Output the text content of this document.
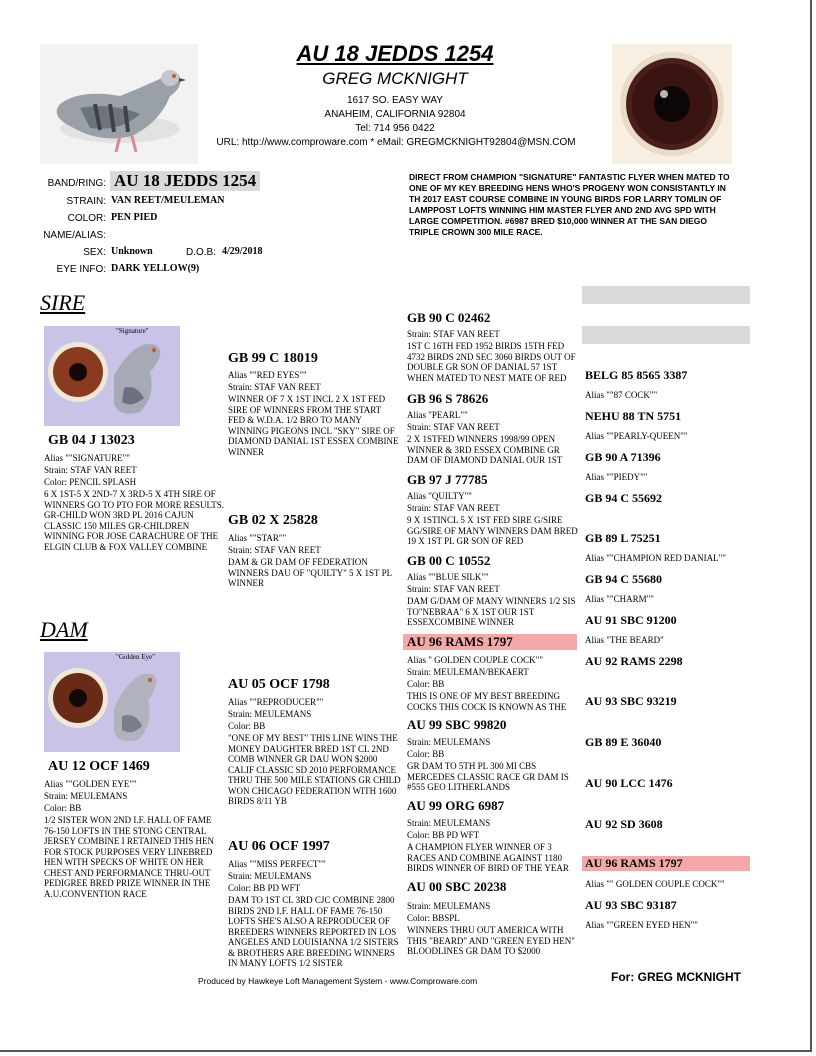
AU 18 JEDDS 1254
GREG MCKNIGHT
1617 SO. EASY WAY
ANAHEIM, CALIFORNIA 92804
Tel: 714 956 0422
URL: http://www.comproware.com * eMail: GREGMCKNIGHT92804@MSN.COM
BAND/RING: AU 18 JEDDS 1254
STRAIN: VAN REET/MEULEMAN
COLOR: PEN PIED
NAME/ALIAS:
SEX: Unknown	D.O.B: 4/29/2018
EYE INFO: DARK YELLOW(9)
DIRECT FROM CHAMPION "SIGNATURE" FANTASTIC FLYER WHEN MATED TO ONE OF MY KEY BREEDING HENS WHO'S PROGENY WON CONSISTANTLY IN TH 2017 EAST COURSE COMBINE IN YOUNG BIRDS FOR LARRY TOMLIN OF LAMPPOST LOFTS WINNING HIM MASTER FLYER AND 2ND AVG SPD WITH LARGE COMPETITION. #6987 BRED $10,000 WINNER AT THE SAN DIEGO TRIPLE CROWN 300 MILE RACE.
SIRE
"Signature"
GB 04 J 13023
Alias ""SIGNATURE""
Strain: STAF VAN REET
Color: PENCIL SPLASH
6 X 1ST-5 X 2ND-7 X 3RD-5 X 4TH SIRE OF WINNERS GO TO PTO FOR MORE RESULTS. GR-CHILD WON 3RD PL 2016 CAJUN CLASSIC 150 MILES GR-CHILDREN WINNING FOR JOSE CARACHURE OF THE ELGIN CLUB & FOX VALLEY COMBINE
DAM
"Golden Eye"
AU 12 OCF 1469
Alias ""GOLDEN EYE""
Strain: MEULEMANS
Color: BB
1/2 SISTER WON 2ND I.F. HALL OF FAME 76-150 LOFTS IN THE STONG CENTRAL JERSEY COMBINE I RETAINED THIS HEN FOR STOCK PURPOSES VERY LINEBRED HEN WITH SPECKS OF WHITE ON HER CHEST AND PERFORMANCE THRU-OUT PEDIGREE BRED PRIZE WINNER IN THE A.U.CONVENTION RACE
GB 99 C 18019
Alias ""RED EYES""
Strain: STAF VAN REET
WINNER OF 7 X 1ST INCL 2 X 1ST FED SIRE OF WINNERS FROM THE START FED & W.D.A. 1/2 BRO TO MANY WINNING PIGEONS INCL "SKY" SIRE OF DIAMOND DANIAL 1ST ESSEX COMBINE WINNER
GB 02 X 25828
Alias ""STAR""
Strain: STAF VAN REET
DAM & GR DAM OF FEDERATION WINNERS DAU OF "QUILTY" 5 X 1ST PL WINNER
AU 05 OCF 1798
Alias ""REPRODUCER""
Strain: MEULEMANS
Color: BB
"ONE OF MY BEST" THIS LINE WINS THE MONEY DAUGHTER BRED 1ST CL 2ND COMB WINNER GR DAU WON $2000 CALIF CLASSIC SD 2010 PERFORMANCE THRU THE 500 MILE STATIONS GR CHILD WON CHICAGO FEDERATION WITH 1600 BIRDS 8/11 YB
AU 06 OCF 1997
Alias ""MISS PERFECT""
Strain: MEULEMANS
Color: BB PD WFT
DAM TO 1ST CL 3RD CJC COMBINE 2800 BIRDS 2ND I.F. HALL OF FAME 76-150 LOFTS SHE'S ALSO A REPRODUCER OF BREEDERS WINNERS REPORTED IN LOS ANGELES AND LOUISIANNA 1/2 SISTERS & BROTHERS ARE BREEDING WINNERS IN MANY LOFTS 1/2 SISTER
GB 90 C 02462
Strain: STAF VAN REET
1ST C 16TH FED 1952 BIRDS 15TH FED 4732 BIRDS 2ND SEC 3060 BIRDS OUT OF DOUBLE GR SON OF DANIAL 57 1ST WHEN MATED TO NEST MATE OF RED
GB 96 S 78626
Alias "PEARL""
Strain: STAF VAN REET
2 X 1STFED WINNERS 1998/99 OPEN WINNER & 3RD ESSEX COMBINE GR DAM OF DIAMOND DANIAL OUR 1ST
GB 97 J 77785
Alias "QUILTY""
Strain: STAF VAN REET
9 X 1STINCL 5 X 1ST FED SIRE G/SIRE GG/SIRE OF MANY WINNERS DAM BRED 19 X 1ST PL GR SON OF RED
GB 00 C 10552
Alias ""BLUE SILK""
Strain: STAF VAN REET
DAM G/DAM OF MANY WINNERS 1/2 SIS TO"NEBRAA" 6 X 1ST OUR 1ST ESSEXCOMBINE WINNER
AU 96 RAMS 1797
Alias " GOLDEN COUPLE COCK""
Strain: MEULEMAN/BEKAERT
Color: BB
THIS IS ONE OF MY BEST BREEDING COCKS THIS COCK IS KNOWN AS THE
AU 99 SBC 99820
Strain: MEULEMANS
Color: BB
GR DAM TO 5TH PL 300 MI CBS MERCEDES CLASSIC RACE GR DAM IS #555 GEO LITHERLANDS
AU 99 ORG 6987
Strain: MEULEMANS
Color: BB PD WFT
A CHAMPION FLYER WINNER OF 3 RACES AND COMBINE AGAINST 1180 BIRDS WINNER OF BIRD OF THE YEAR
AU 00 SBC 20238
Strain: MEULEMANS
Color: BBSPL
WINNERS THRU OUT AMERICA WITH THIS "BEARD" AND "GREEN EYED HEN" BLOODLINES GR DAM TO $2000
BELG 85 8565 3387
Alias ""87 COCK""
NEHU 88 TN 5751
Alias ""PEARLY-QUEEN""
GB 90 A 71396
Alias ""PIEDY""
GB 94 C 55692
GB 89 L 75251
Alias ""CHAMPION RED DANIAL""
GB 94 C 55680
Alias ""CHARM""
AU 91 SBC 91200
Alias "THE BEARD"
AU 92 RAMS 2298
AU 93 SBC 93219
GB 89 E 36040
AU 90 LCC 1476
AU 92 SD 3608
AU 96 RAMS 1797
Alias "" GOLDEN COUPLE COCK""
AU 93 SBC 93187
Alias ""GREEN EYED HEN""
Produced by Hawkeye Loft Management System - www.Comproware.com	For: GREG MCKNIGHT
